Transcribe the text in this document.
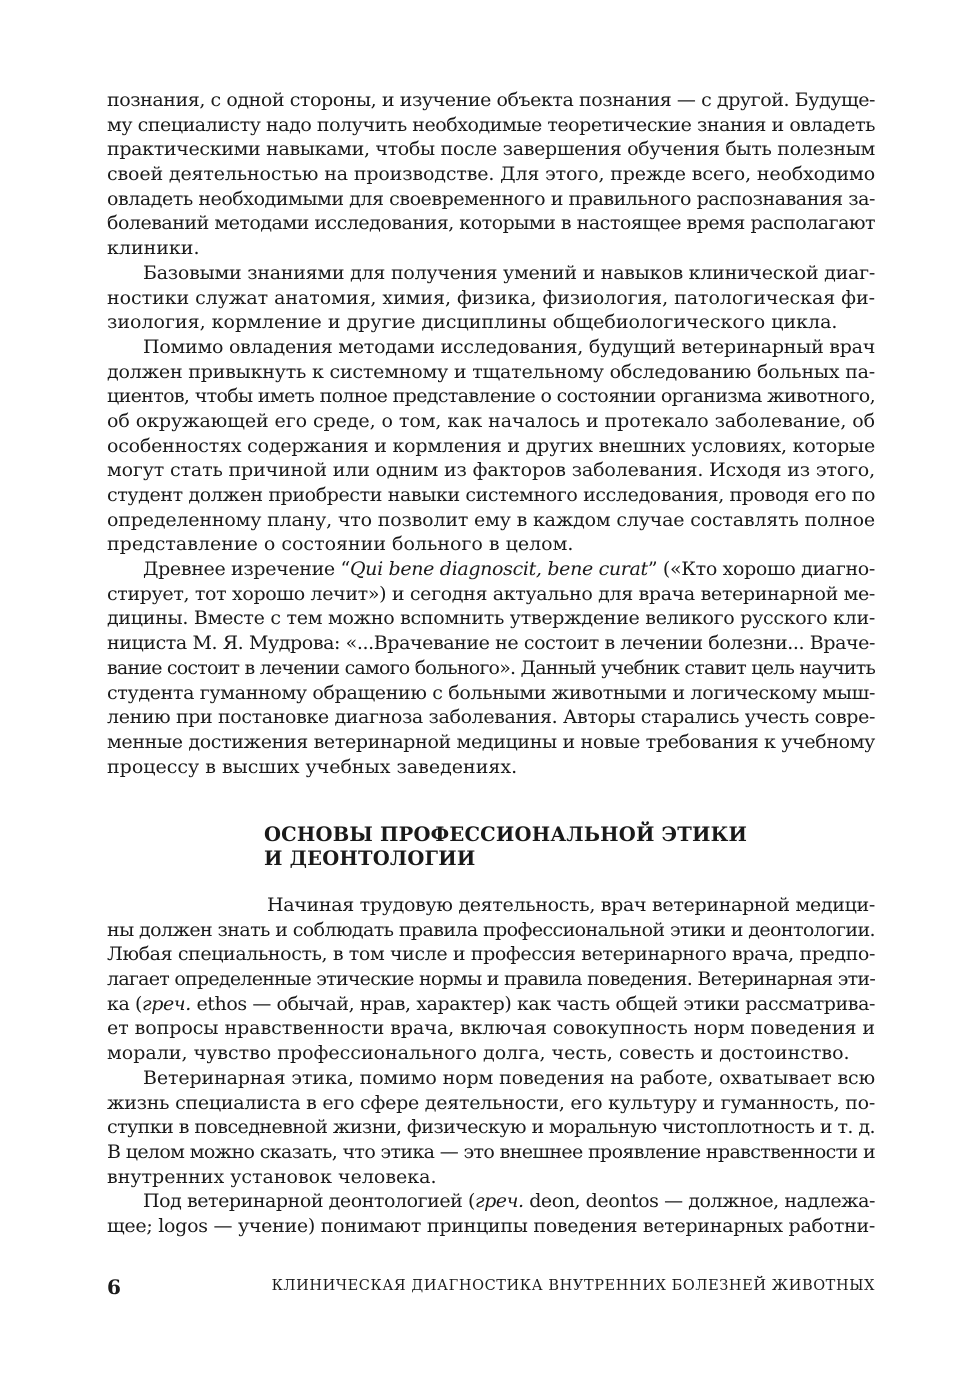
познания, с одной стороны, и изучение объекта познания — с другой. Будуще-
му специалисту надо получить необходимые теоретические знания и овладеть
практическими навыками, чтобы после завершения обучения быть полезным
своей деятельностью на производстве. Для этого, прежде всего, необходимо
овладеть необходимыми для своевременного и правильного распознавания за-
болеваний методами исследования, которыми в настоящее время располагают
клиники.
Базовыми знаниями для получения умений и навыков клинической диаг-
ностики служат анатомия, химия, физика, физиология, патологическая фи-
зиология, кормление и другие дисциплины общебиологического цикла.
Помимо овладения методами исследования, будущий ветеринарный врач
должен привыкнуть к системному и тщательному обследованию больных па-
циентов, чтобы иметь полное представление о состоянии организма животного,
об окружающей его среде, о том, как началось и протекало заболевание, об
особенностях содержания и кормления и других внешних условиях, которые
могут стать причиной или одним из факторов заболевания. Исходя из этого,
студент должен приобрести навыки системного исследования, проводя его по
определенному плану, что позволит ему в каждом случае составлять полное
представление о состоянии больного в целом.
Древнее изречение “Qui bene diagnoscit, bene curat” («Кто хорошо диагно-
стирует, тот хорошо лечит») и сегодня актуально для врача ветеринарной ме-
дицины. Вместе с тем можно вспомнить утверждение великого русского кли-
нициста М. Я. Мудрова: «...Врачевание не состоит в лечении болезни... Враче-
вание состоит в лечении самого больного». Данный учебник ставит цель научить
студента гуманному обращению с больными животными и логическому мыш-
лению при постановке диагноза заболевания. Авторы старались учесть совре-
менные достижения ветеринарной медицины и новые требования к учебному
процессу в высших учебных заведениях.
ОСНОВЫ ПРОФЕССИОНАЛЬНОЙ ЭТИКИ
И ДЕОНТОЛОГИИ
Начиная трудовую деятельность, врач ветеринарной медици-
ны должен знать и соблюдать правила профессиональной этики и деонтологии.
Любая специальность, в том числе и профессия ветеринарного врача, предпо-
лагает определенные этические нормы и правила поведения. Ветеринарная эти-
ка (греч. ethos — обычай, нрав, характер) как часть общей этики рассматрива-
ет вопросы нравственности врача, включая совокупность норм поведения и
морали, чувство профессионального долга, честь, совесть и достоинство.
Ветеринарная этика, помимо норм поведения на работе, охватывает всю
жизнь специалиста в его сфере деятельности, его культуру и гуманность, по-
ступки в повседневной жизни, физическую и моральную чистоплотность и т. д.
В целом можно сказать, что этика — это внешнее проявление нравственности и
внутренних установок человека.
Под ветеринарной деонтологией (греч. deon, deontos — должное, надлежа-
щее; logos — учение) понимают принципы поведения ветеринарных работни-
6	КЛИНИЧЕСКАЯ ДИАГНОСТИКА ВНУТРЕННИХ БОЛЕЗНЕЙ ЖИВОТНЫХ
